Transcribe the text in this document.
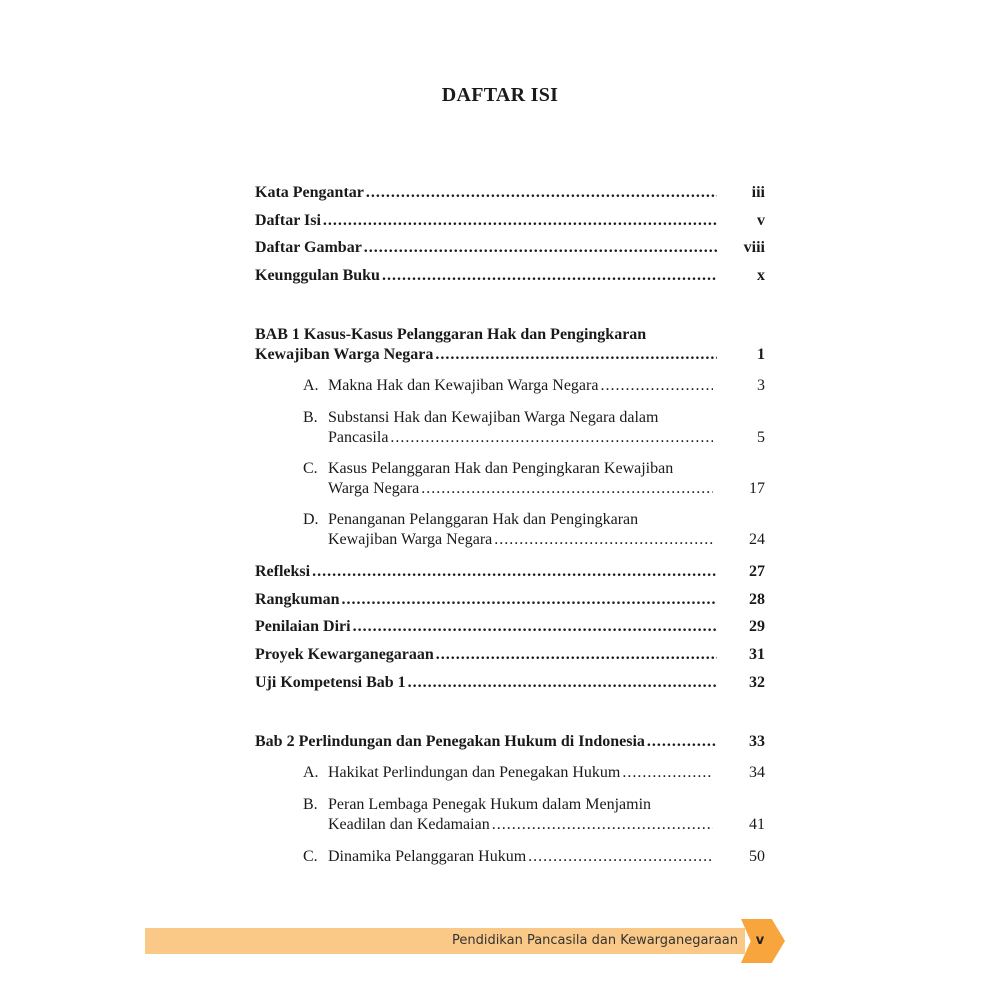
DAFTAR ISI
Kata Pengantar .....	iii
Daftar Isi .....	v
Daftar Gambar .....	viii
Keunggulan Buku .....	x
BAB 1 Kasus-Kasus Pelanggaran Hak dan Pengingkaran
Kewajiban Warga Negara .....	1
A. Makna Hak dan Kewajiban Warga Negara .....	3
B. Substansi Hak dan Kewajiban Warga Negara dalam
Pancasila .....	5
C. Kasus Pelanggaran Hak dan Pengingkaran Kewajiban
Warga Negara .....	17
D. Penanganan Pelanggaran Hak dan Pengingkaran
Kewajiban Warga Negara .....	24
Refleksi .....	27
Rangkuman .....	28
Penilaian Diri .....	29
Proyek Kewarganegaraan .....	31
Uji Kompetensi Bab 1 .....	32
Bab 2 Perlindungan dan Penegakan Hukum di Indonesia .....	33
A. Hakikat Perlindungan dan Penegakan Hukum .....	34
B. Peran Lembaga Penegak Hukum dalam Menjamin
Keadilan dan Kedamaian .....	41
C. Dinamika Pelanggaran Hukum .....	50
Pendidikan Pancasila dan Kewarganegaraan v
